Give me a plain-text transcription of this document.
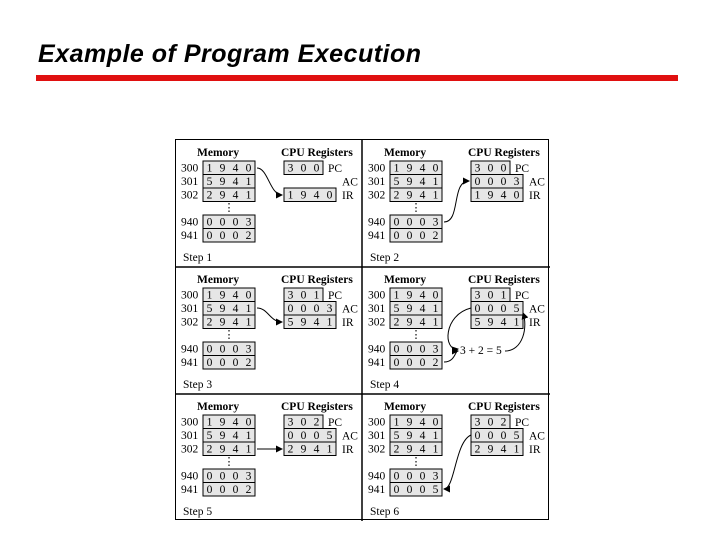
Example of Program Execution
Memory	CPU Registers
300 1 9 4 0
301 5 9 4 1
302 2 9 4 1
⋮
940 0 0 0 3
941 0 0 0 2
3 0 0 PC
AC
1 9 4 0 IR
Step 1
Memory	CPU Registers
300 1 9 4 0
301 5 9 4 1
302 2 9 4 1
⋮
940 0 0 0 3
941 0 0 0 2
3 0 0 PC
0 0 0 3 AC
1 9 4 0 IR
Step 2
Memory	CPU Registers
300 1 9 4 0
301 5 9 4 1
302 2 9 4 1
⋮
940 0 0 0 3
941 0 0 0 2
3 0 1 PC
0 0 0 3 AC
5 9 4 1 IR
Step 3
Memory	CPU Registers
300 1 9 4 0
301 5 9 4 1
302 2 9 4 1
⋮
940 0 0 0 3
941 0 0 0 2
3 0 1 PC
0 0 0 5 AC
5 9 4 1 IR
Step 4
3 + 2 = 5
Memory	CPU Registers
300 1 9 4 0
301 5 9 4 1
302 2 9 4 1
⋮
940 0 0 0 3
941 0 0 0 2
3 0 2 PC
0 0 0 5 AC
2 9 4 1 IR
Step 5
Memory	CPU Registers
300 1 9 4 0
301 5 9 4 1
302 2 9 4 1
⋮
940 0 0 0 3
941 0 0 0 5
3 0 2 PC
0 0 0 5 AC
2 9 4 1 IR
Step 6
